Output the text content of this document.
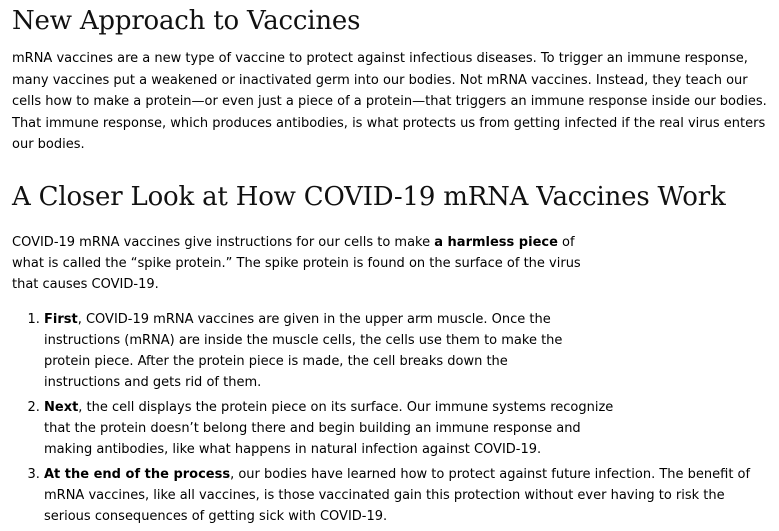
New Approach to Vaccines

mRNA vaccines are a new type of vaccine to protect against infectious diseases. To trigger an immune response, many vaccines put a weakened or inactivated germ into our bodies. Not mRNA vaccines. Instead, they teach our cells how to make a protein—or even just a piece of a protein—that triggers an immune response inside our bodies. That immune response, which produces antibodies, is what protects us from getting infected if the real virus enters our bodies.

A Closer Look at How COVID-19 mRNA Vaccines Work

COVID-19 mRNA vaccines give instructions for our cells to make a harmless piece of what is called the “spike protein.” The spike protein is found on the surface of the virus that causes COVID-19.

1. First, COVID-19 mRNA vaccines are given in the upper arm muscle. Once the instructions (mRNA) are inside the muscle cells, the cells use them to make the protein piece. After the protein piece is made, the cell breaks down the instructions and gets rid of them.
2. Next, the cell displays the protein piece on its surface. Our immune systems recognize that the protein doesn’t belong there and begin building an immune response and making antibodies, like what happens in natural infection against COVID-19.
3. At the end of the process, our bodies have learned how to protect against future infection. The benefit of mRNA vaccines, like all vaccines, is those vaccinated gain this protection without ever having to risk the serious consequences of getting sick with COVID-19.
